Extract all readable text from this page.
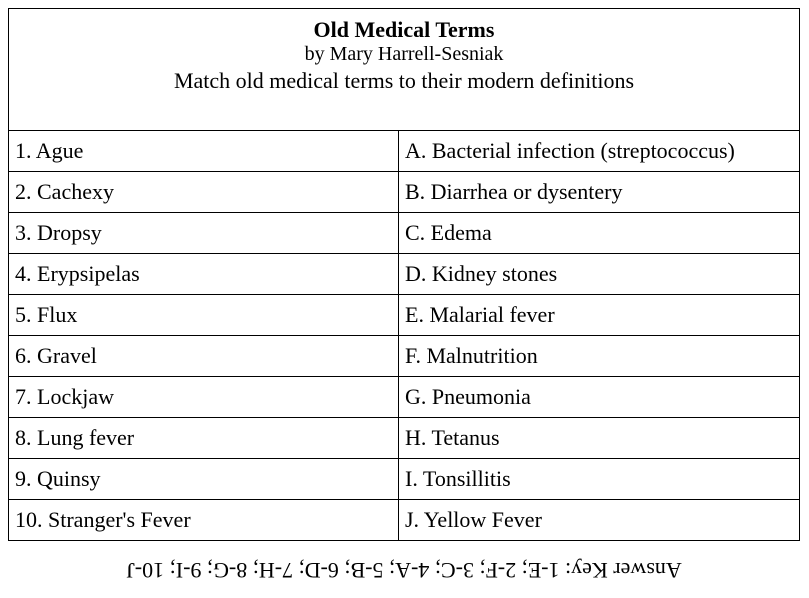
Old Medical Terms
by Mary Harrell-Sesniak
Match old medical terms to their modern definitions
1. Ague	A. Bacterial infection (streptococcus)
2. Cachexy	B. Diarrhea or dysentery
3. Dropsy	C. Edema
4. Erypsipelas	D. Kidney stones
5. Flux	E. Malarial fever
6. Gravel	F. Malnutrition
7. Lockjaw	G. Pneumonia
8. Lung fever	H. Tetanus
9. Quinsy	I. Tonsillitis
10. Stranger's Fever	J. Yellow Fever
Answer Key: 1-E; 2-F; 3-C; 4-A; 5-B; 6-D; 7-H; 8-G; 9-I; 10-J
